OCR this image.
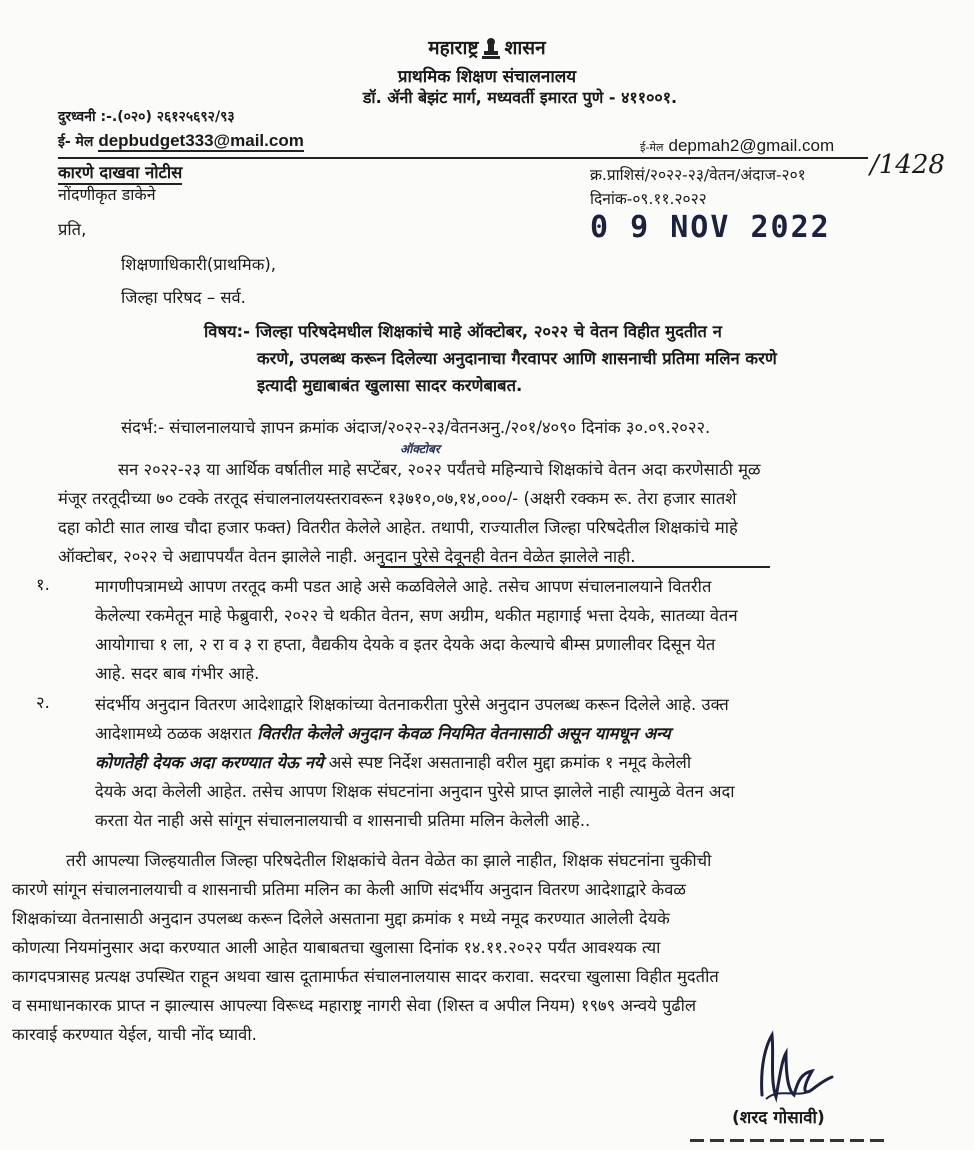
महाराष्ट्र शासन
प्राथमिक शिक्षण संचालनालय
डॉ. ॲनी बेझंट मार्ग, मध्यवर्ती इमारत पुणे - ४११००१.
दुरध्वनी :-.(०२०) २६१२५६९२/९३
ई- मेल depbudget333@mail.com	ई-मेल depmah2@gmail.com
कारणे दाखवा नोटीस
नोंदणीकृत डाकेने
क्र.प्राशिसं/२०२२-२३/वेतन/अंदाज-२०१ /1428
दिनांक-०९.११.२०२२
0 9 NOV 2022
प्रति,
शिक्षणाधिकारी(प्राथमिक),
जिल्हा परिषद – सर्व.
विषय:- जिल्हा परिषदेमधील शिक्षकांचे माहे ऑक्टोबर, २०२२ चे वेतन विहीत मुदतीत न
करणे, उपलब्ध करून दिलेल्या अनुदानाचा गैरवापर आणि शासनाची प्रतिमा मलिन करणे
इत्यादी मुद्याबाबंत खुलासा सादर करणेबाबत.
संदर्भ:- संचालनालयाचे ज्ञापन क्रमांक अंदाज/२०२२-२३/वेतनअनु./२०१/४०९० दिनांक ३०.०९.२०२२.
ऑक्टोबर
सन २०२२-२३ या आर्थिक वर्षातील माहे सप्टेंबर, २०२२ पर्यंतचे महिन्याचे शिक्षकांचे वेतन अदा करणेसाठी मूळ
मंजूर तरतूदीच्या ७० टक्के तरतूद संचालनालयस्तरावरून १३७१०,०७,१४,०००/- (अक्षरी रक्कम रू. तेरा हजार सातशे
दहा कोटी सात लाख चौदा हजार फक्त) वितरीत केलेले आहेत. तथापी, राज्यातील जिल्हा परिषदेतील शिक्षकांचे माहे
ऑक्टोबर, २०२२ चे अद्यापपर्यंत वेतन झालेले नाही. अनुदान पुरेसे देवूनही वेतन वेळेत झालेले नाही.
१.	मागणीपत्रामध्ये आपण तरतूद कमी पडत आहे असे कळविलेले आहे. तसेच आपण संचालनालयाने वितरीत
केलेल्या रकमेतून माहे फेब्रुवारी, २०२२ चे थकीत वेतन, सण अग्रीम, थकीत महागाई भत्ता देयके, सातव्या वेतन
आयोगाचा १ ला, २ रा व ३ रा हप्ता, वैद्यकीय देयके व इतर देयके अदा केल्याचे बीम्स प्रणालीवर दिसून येत
आहे. सदर बाब गंभीर आहे.
२.	संदर्भीय अनुदान वितरण आदेशाद्वारे शिक्षकांच्या वेतनाकरीता पुरेसे अनुदान उपलब्ध करून दिलेले आहे. उक्त
आदेशामध्ये ठळक अक्षरात वितरीत केलेले अनुदान केवळ नियमित वेतनासाठी असून यामधून अन्य
कोणतेही देयक अदा करण्यात येऊ नये असे स्पष्ट निर्देश असतानाही वरील मुद्दा क्रमांक १ नमूद केलेली
देयके अदा केलेली आहेत. तसेच आपण शिक्षक संघटनांना अनुदान पुरेसे प्राप्त झालेले नाही त्यामुळे वेतन अदा
करता येत नाही असे सांगून संचालनालयाची व शासनाची प्रतिमा मलिन केलेली आहे..
तरी आपल्या जिल्हयातील जिल्हा परिषदेतील शिक्षकांचे वेतन वेळेत का झाले नाहीत, शिक्षक संघटनांना चुकीची
कारणे सांगून संचालनालयाची व शासनाची प्रतिमा मलिन का केली आणि संदर्भीय अनुदान वितरण आदेशाद्वारे केवळ
शिक्षकांच्या वेतनासाठी अनुदान उपलब्ध करून दिलेले असताना मुद्दा क्रमांक १ मध्ये नमूद करण्यात आलेली देयके
कोणत्या नियमांनुसार अदा करण्यात आली आहेत याबाबतचा खुलासा दिनांक १४.११.२०२२ पर्यंत आवश्यक त्या
कागदपत्रासह प्रत्यक्ष उपस्थित राहून अथवा खास दूतामार्फत संचालनालयास सादर करावा. सदरचा खुलासा विहीत मुदतीत
व समाधानकारक प्राप्त न झाल्यास आपल्या विरूध्द महाराष्ट्र नागरी सेवा (शिस्त व अपील नियम) १९७९ अन्वये पुढील
कारवाई करण्यात येईल, याची नोंद घ्यावी.
(शरद गोसावी)
